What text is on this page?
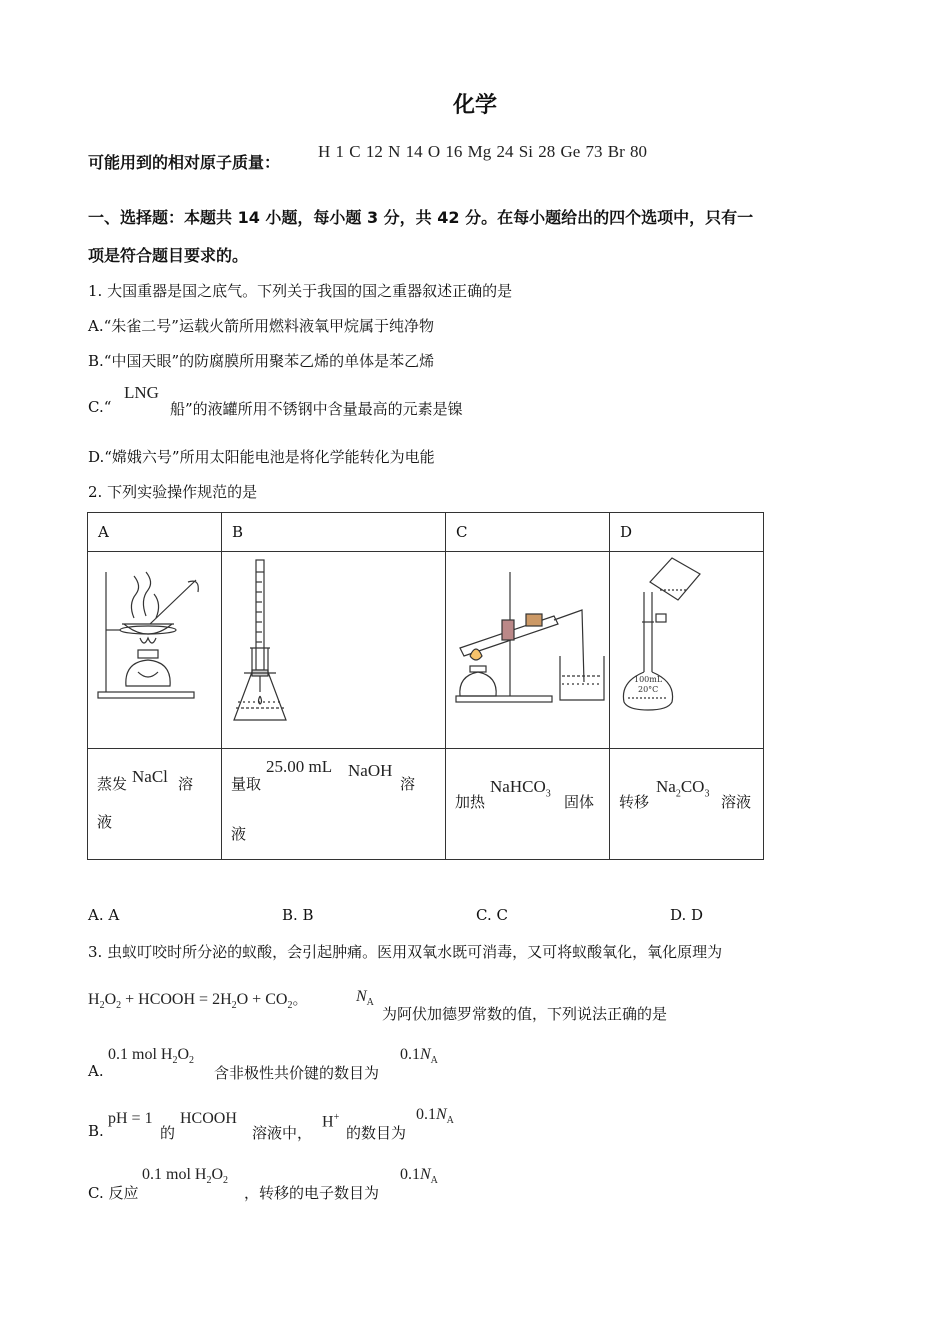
化学
可能用到的相对原子质量：
H 1 C 12 N 14 O 16 Mg 24 Si 28 Ge 73 Br 80
一、选择题：本题共 14 小题，每小题 3 分，共 42 分。在每小题给出的四个选项中，只有一
项是符合题目要求的。
1. 大国重器是国之底气。下列关于我国的国之重器叙述正确的是
A.“朱雀二号”运载火箭所用燃料液氧甲烷属于纯净物
B.“中国天眼”的防腐膜所用聚苯乙烯的单体是苯乙烯
C.“
LNG
船”的液罐所用不锈钢中含量最高的元素是镍
D.“嫦娥六号”所用太阳能电池是将化学能转化为电能
2. 下列实验操作规范的是
A	B	C	D

100mL
20°C

蒸发 NaCl 溶
液	量取
25.00 mL NaOH
溶
液	加热
NaHCO$_3$ 固体	转移
$Na_2CO_3$ 溶液
A. A	B. B	C. C	D. D
3. 虫蚁叮咬时所分泌的蚁酸，会引起肿痛。医用双氧水既可消毒，又可将蚁酸氧化，氧化原理为
$H_2O_2$ + HCOOH = $2H_2O + CO_2$。	$N_A$
为阿伏加德罗常数的值，下列说法正确的是
A.
0.1 mol $H_2O_2$
含非极性共价键的数目为
$0.1N_A$
B.
pH = 1
的
HCOOH
溶液中，
H+
的数目为
$0.1N_A$
C. 反应
0.1 mol $H_2O_2$
，转移的电子数目为
$0.1N_A$
